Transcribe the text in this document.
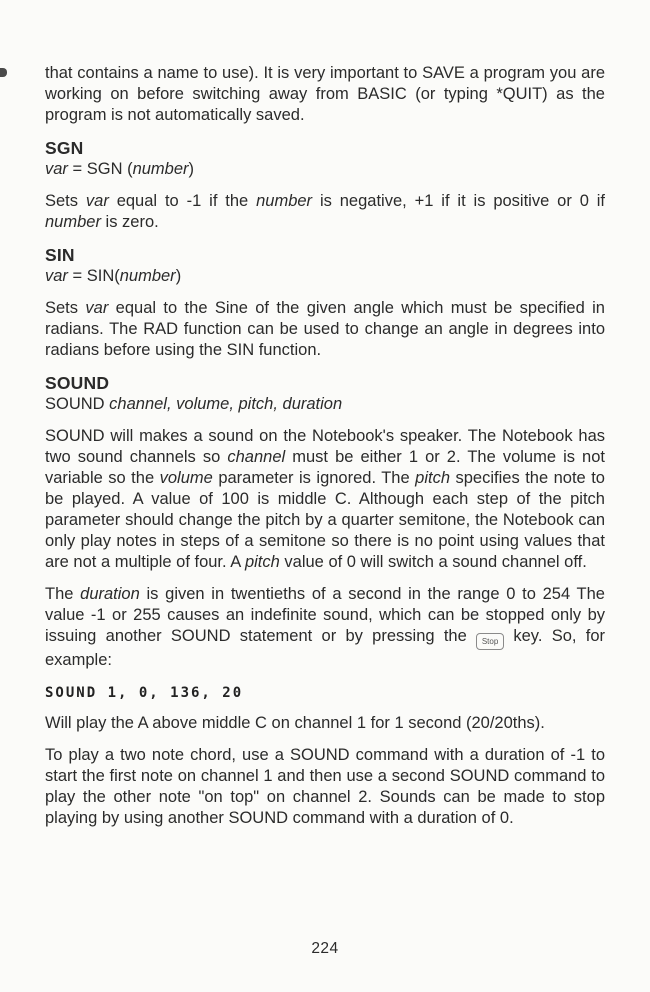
that contains a name to use). It is very important to SAVE a program you are working on before switching away from BASIC (or typing *QUIT) as the program is not automatically saved.

SGN

var = SGN (number)

Sets var equal to -1 if the number is negative, +1 if it is positive or 0 if number is zero.

SIN

var = SIN(number)

Sets var equal to the Sine of the given angle which must be specified in radians. The RAD function can be used to change an angle in degrees into radians before using the SIN function.

SOUND

SOUND channel, volume, pitch, duration

SOUND will makes a sound on the Notebook's speaker. The Notebook has two sound channels so channel must be either 1 or 2. The volume is not variable so the volume parameter is ignored. The pitch specifies the note to be played. A value of 100 is middle C. Although each step of the pitch parameter should change the pitch by a quarter semitone, the Notebook can only play notes in steps of a semitone so there is no point using values that are not a multiple of four. A pitch value of 0 will switch a sound channel off.

The duration is given in twentieths of a second in the range 0 to 254 The value -1 or 255 causes an indefinite sound, which can be stopped only by issuing another SOUND statement or by pressing the Stop key. So, for example:

SOUND 1, 0, 136, 20

Will play the A above middle C on channel 1 for 1 second (20/20ths).

To play a two note chord, use a SOUND command with a duration of -1 to start the first note on channel 1 and then use a second SOUND command to play the other note "on top" on channel 2. Sounds can be made to stop playing by using another SOUND command with a duration of 0.

224
